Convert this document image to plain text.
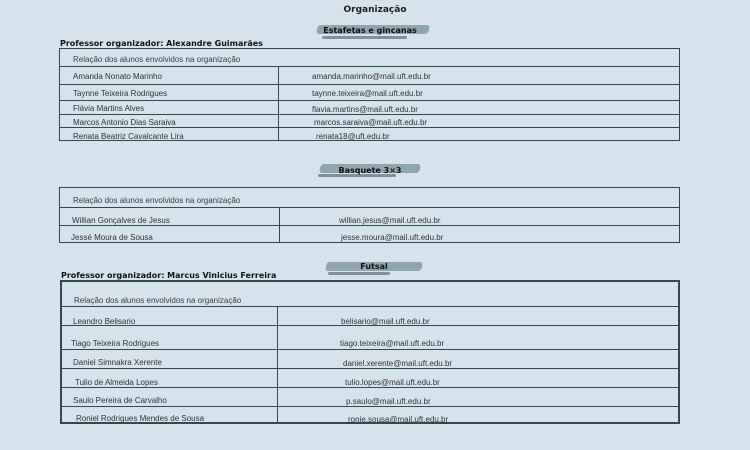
Organização
Estafetas e gincanas
Professor organizador: Alexandre Guimarães
Relação dos alunos envolvidos na organização
Amanda Nonato Marinho	amanda.marinho@mail.uft.edu.br
Taynne Teixeira Rodrigues	taynne.teixeira@mail.uft.edu.br
Flávia Martins Alves	flavia.martins@mail.uft.edu.br
Marcos Antonio Dias Saraiva	marcos.saraiva@mail.uft.edu.br
Renata Beatriz Cavalcante Lira	renata18@uft.edu.br
Basquete 3×3
Relação dos alunos envolvidos na organização
Willian Gonçalves de Jesus	willian.jesus@mail.uft.edu.br
Jessé Moura de Sousa	jesse.moura@mail.uft.edu.br
Futsal
Professor organizador: Marcus Vinicius Ferreira
Relação dos alunos envolvidos na organização
Leandro Belisario	belisario@mail.uft.edu.br
Tiago Teixeira Rodrigues	tiago.teixeira@mail.uft.edu.br
Daniel Simnakra Xerente	daniel.xerente@mail.uft.edu.br
Tulio de Almeida Lopes	tulio.lopes@mail.uft.edu.br
Saulo Pereira de Carvalho	p.saulo@mail.uft.edu.br
Roniel Rodrigues Mendes de Sousa	ronie.sousa@mail.uft.edu.br
